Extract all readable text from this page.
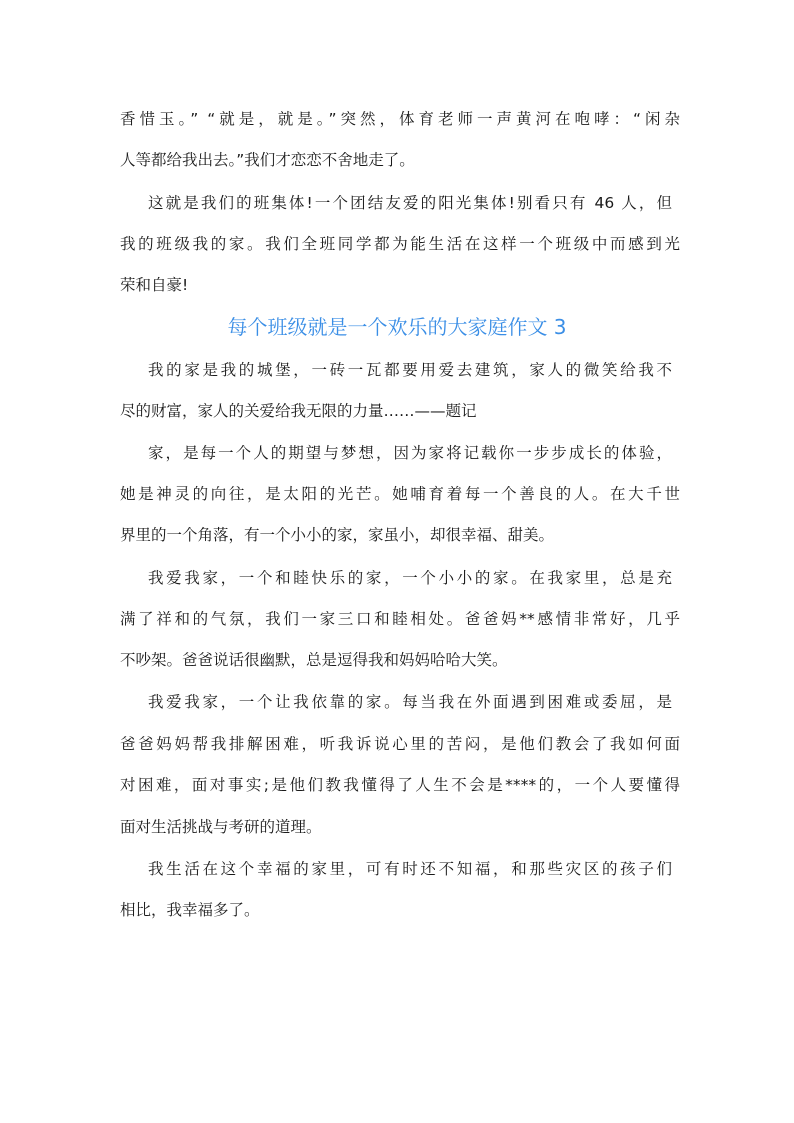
香惜玉。” “就是，就是。”突然，体育老师一声黄河在咆哮：“闲杂
人等都给我出去。”我们才恋恋不舍地走了。
这就是我们的班集体!一个团结友爱的阳光集体!别看只有 46 人，但
我的班级我的家。我们全班同学都为能生活在这样一个班级中而感到光
荣和自豪!
每个班级就是一个欢乐的大家庭作文 3
我的家是我的城堡，一砖一瓦都要用爱去建筑，家人的微笑给我不
尽的财富，家人的关爱给我无限的力量……——题记
家，是每一个人的期望与梦想，因为家将记载你一步步成长的体验，
她是神灵的向往，是太阳的光芒。她哺育着每一个善良的人。在大千世
界里的一个角落，有一个小小的家，家虽小，却很幸福、甜美。
我爱我家，一个和睦快乐的家，一个小小的家。在我家里，总是充
满了祥和的气氛，我们一家三口和睦相处。爸爸妈**感情非常好，几乎
不吵架。爸爸说话很幽默，总是逗得我和妈妈哈哈大笑。
我爱我家，一个让我依靠的家。每当我在外面遇到困难或委屈，是
爸爸妈妈帮我排解困难，听我诉说心里的苦闷，是他们教会了我如何面
对困难，面对事实;是他们教我懂得了人生不会是****的，一个人要懂得
面对生活挑战与考研的道理。
我生活在这个幸福的家里，可有时还不知福，和那些灾区的孩子们
相比，我幸福多了。
